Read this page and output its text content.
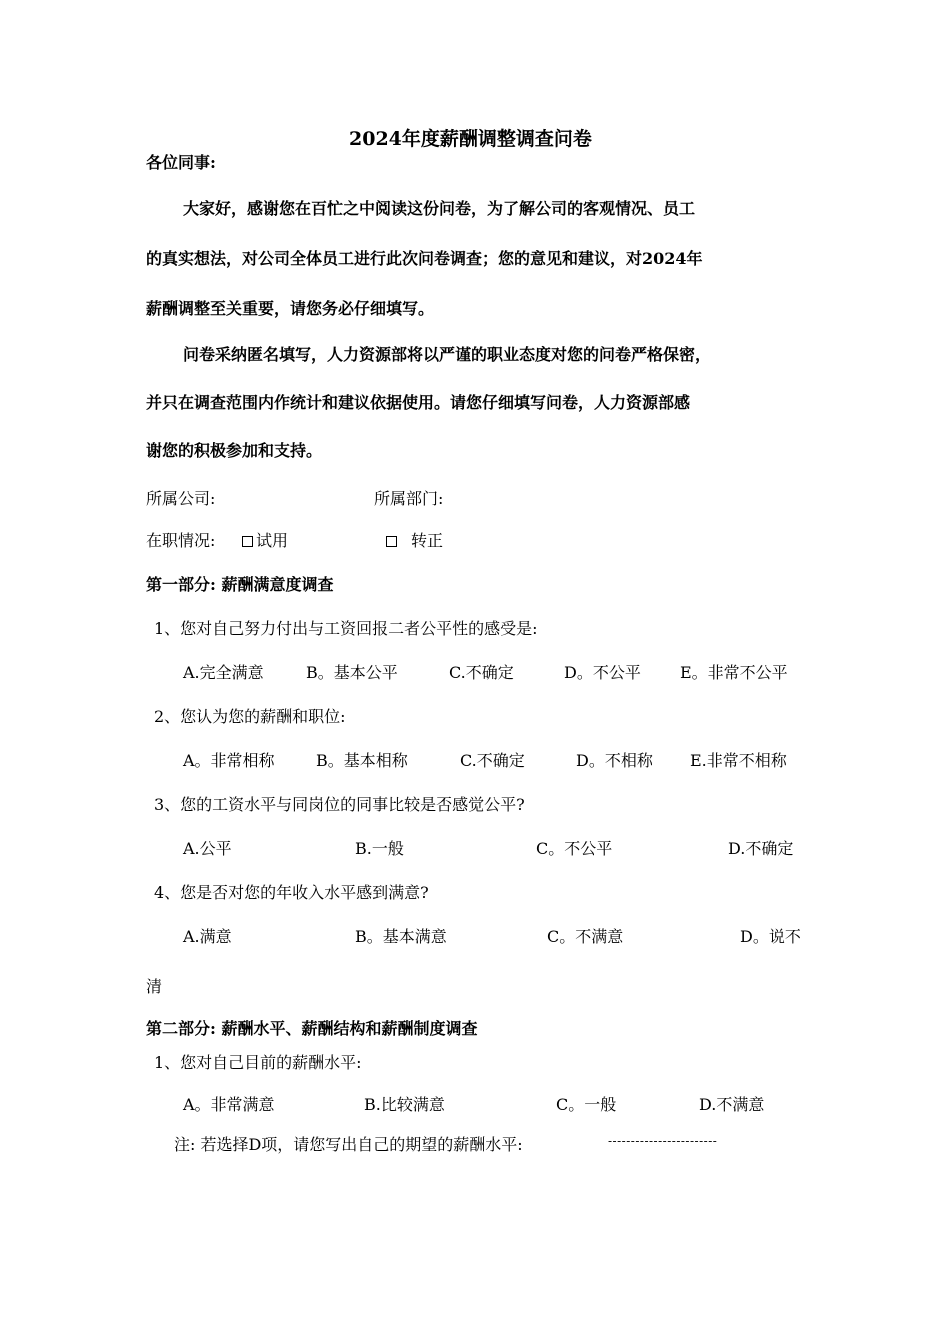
2024年度薪酬调整调查问卷
各位同事:
大家好，感谢您在百忙之中阅读这份问卷，为了解公司的客观情况、员工
的真实想法，对公司全体员工进行此次问卷调查；您的意见和建议，对2024年
薪酬调整至关重要，请您务必仔细填写。
问卷采纳匿名填写，人力资源部将以严谨的职业态度对您的问卷严格保密，
并只在调查范围内作统计和建议依据使用。请您仔细填写问卷，人力资源部感
谢您的积极参加和支持。
所属公司:	所属部门:
在职情况:	试用	转正
第一部分: 薪酬满意度调查
1、您对自己努力付出与工资回报二者公平性的感受是:
A.完全满意	B。基本公平	C.不确定	D。不公平 E。非常不公平
2、您认为您的薪酬和职位:
A。非常相称	B。基本相称	C.不确定	D。不相称 E.非常不相称
3、您的工资水平与同岗位的同事比较是否感觉公平?
A.公平	B.一般	C。不公平	D.不确定
4、您是否对您的年收入水平感到满意?
A.满意	B。基本满意	C。不满意	D。说不
清
第二部分: 薪酬水平、薪酬结构和薪酬制度调查
1、您对自己目前的薪酬水平:
A。非常满意	B.比较满意	C。一般	D.不满意
注: 若选择D项，请您写出自己的期望的薪酬水平:	------------------------
